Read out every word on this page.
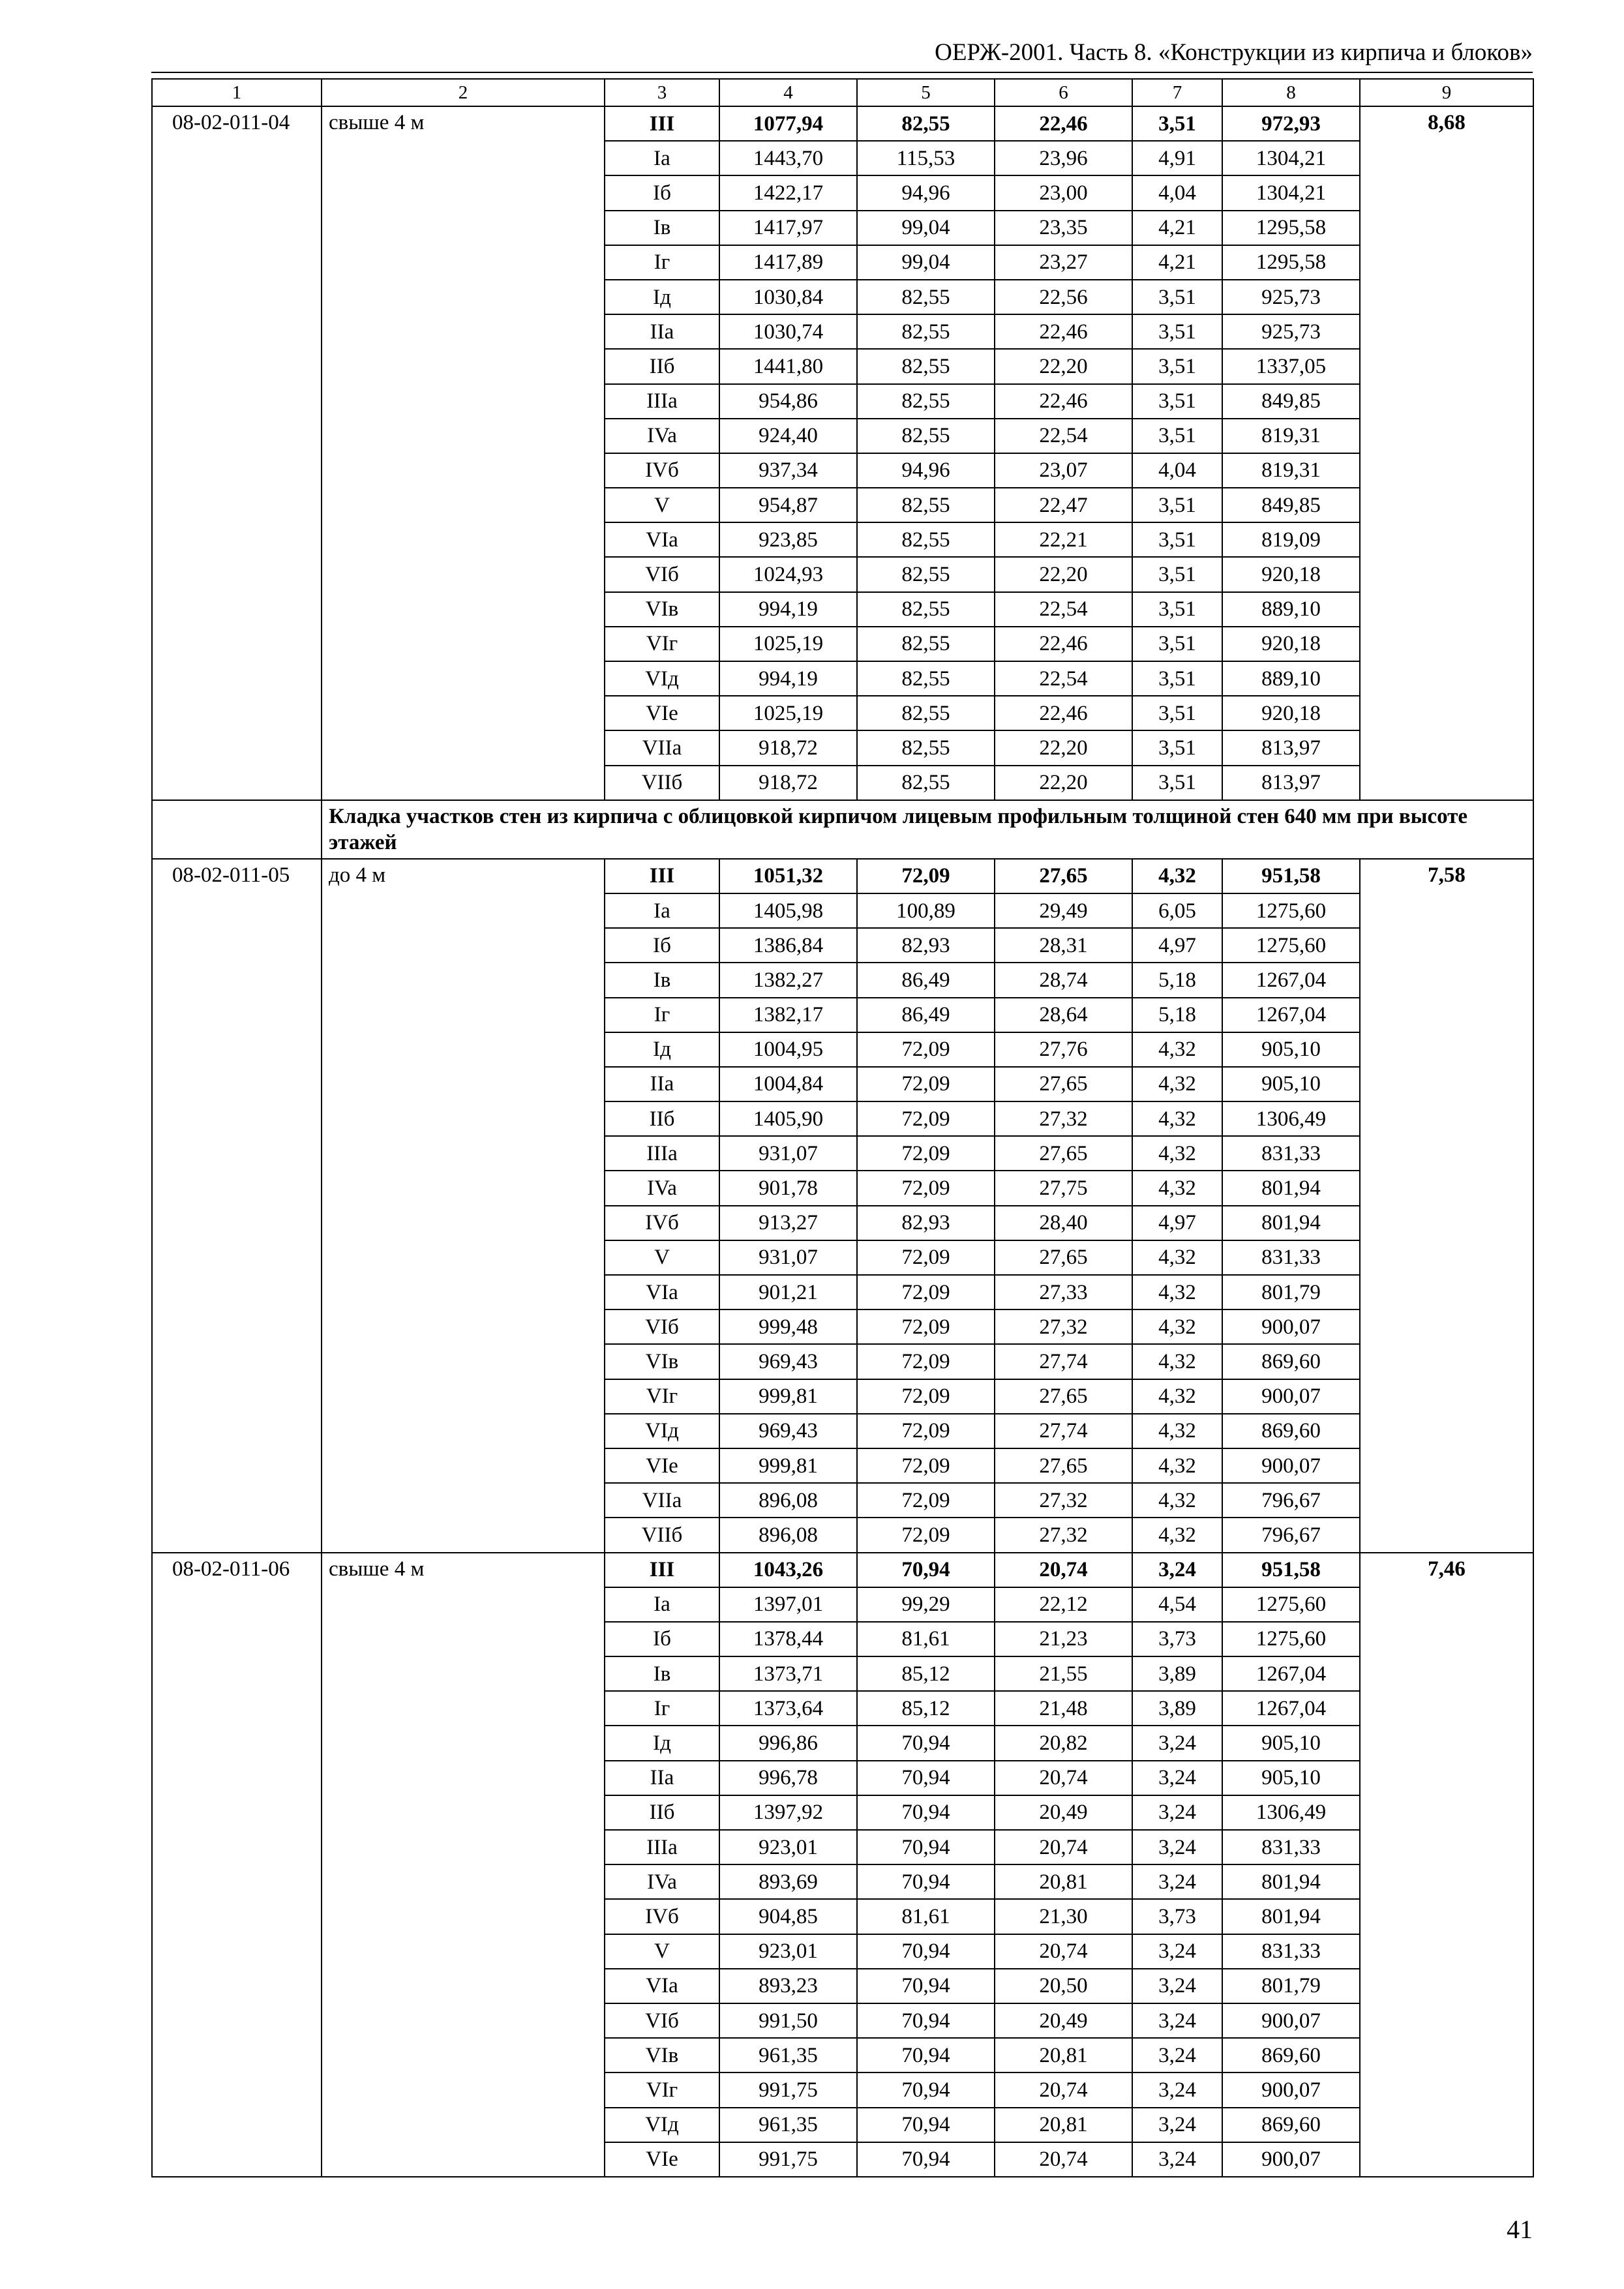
ОЕРЖ-2001. Часть 8. «Конструкции из кирпича и блоков»
1	2	3	4	5	6	7	8	9
08-02-011-04	свыше 4 м	III	1077,94	82,55	22,46	3,51	972,93	8,68
		Ia	1443,70	115,53	23,96	4,91	1304,21	
		Iб	1422,17	94,96	23,00	4,04	1304,21	
		Iв	1417,97	99,04	23,35	4,21	1295,58	
		Iг	1417,89	99,04	23,27	4,21	1295,58	
		Iд	1030,84	82,55	22,56	3,51	925,73	
		IIa	1030,74	82,55	22,46	3,51	925,73	
		IIб	1441,80	82,55	22,20	3,51	1337,05	
		IIIa	954,86	82,55	22,46	3,51	849,85	
		IVa	924,40	82,55	22,54	3,51	819,31	
		IVб	937,34	94,96	23,07	4,04	819,31	
		V	954,87	82,55	22,47	3,51	849,85	
		VIa	923,85	82,55	22,21	3,51	819,09	
		VIб	1024,93	82,55	22,20	3,51	920,18	
		VIв	994,19	82,55	22,54	3,51	889,10	
		VIг	1025,19	82,55	22,46	3,51	920,18	
		VIд	994,19	82,55	22,54	3,51	889,10	
		VIe	1025,19	82,55	22,46	3,51	920,18	
		VIIa	918,72	82,55	22,20	3,51	813,97	
		VIIб	918,72	82,55	22,20	3,51	813,97	
	Кладка участков стен из кирпича с облицовкой кирпичом лицевым профильным толщиной стен 640 мм при высоте этажей							
08-02-011-05	до 4 м	III	1051,32	72,09	27,65	4,32	951,58	7,58
		Ia	1405,98	100,89	29,49	6,05	1275,60	
		Iб	1386,84	82,93	28,31	4,97	1275,60	
		Iв	1382,27	86,49	28,74	5,18	1267,04	
		Iг	1382,17	86,49	28,64	5,18	1267,04	
		Iд	1004,95	72,09	27,76	4,32	905,10	
		IIa	1004,84	72,09	27,65	4,32	905,10	
		IIб	1405,90	72,09	27,32	4,32	1306,49	
		IIIa	931,07	72,09	27,65	4,32	831,33	
		IVa	901,78	72,09	27,75	4,32	801,94	
		IVб	913,27	82,93	28,40	4,97	801,94	
		V	931,07	72,09	27,65	4,32	831,33	
		VIa	901,21	72,09	27,33	4,32	801,79	
		VIб	999,48	72,09	27,32	4,32	900,07	
		VIв	969,43	72,09	27,74	4,32	869,60	
		VIг	999,81	72,09	27,65	4,32	900,07	
		VIд	969,43	72,09	27,74	4,32	869,60	
		VIe	999,81	72,09	27,65	4,32	900,07	
		VIIa	896,08	72,09	27,32	4,32	796,67	
		VIIб	896,08	72,09	27,32	4,32	796,67	
08-02-011-06	свыше 4 м	III	1043,26	70,94	20,74	3,24	951,58	7,46
		Ia	1397,01	99,29	22,12	4,54	1275,60	
		Iб	1378,44	81,61	21,23	3,73	1275,60	
		Iв	1373,71	85,12	21,55	3,89	1267,04	
		Iг	1373,64	85,12	21,48	3,89	1267,04	
		Iд	996,86	70,94	20,82	3,24	905,10	
		IIa	996,78	70,94	20,74	3,24	905,10	
		IIб	1397,92	70,94	20,49	3,24	1306,49	
		IIIa	923,01	70,94	20,74	3,24	831,33	
		IVa	893,69	70,94	20,81	3,24	801,94	
		IVб	904,85	81,61	21,30	3,73	801,94	
		V	923,01	70,94	20,74	3,24	831,33	
		VIa	893,23	70,94	20,50	3,24	801,79	
		VIб	991,50	70,94	20,49	3,24	900,07	
		VIв	961,35	70,94	20,81	3,24	869,60	
		VIг	991,75	70,94	20,74	3,24	900,07	
		VIд	961,35	70,94	20,81	3,24	869,60	
		VIe	991,75	70,94	20,74	3,24	900,07	
41
